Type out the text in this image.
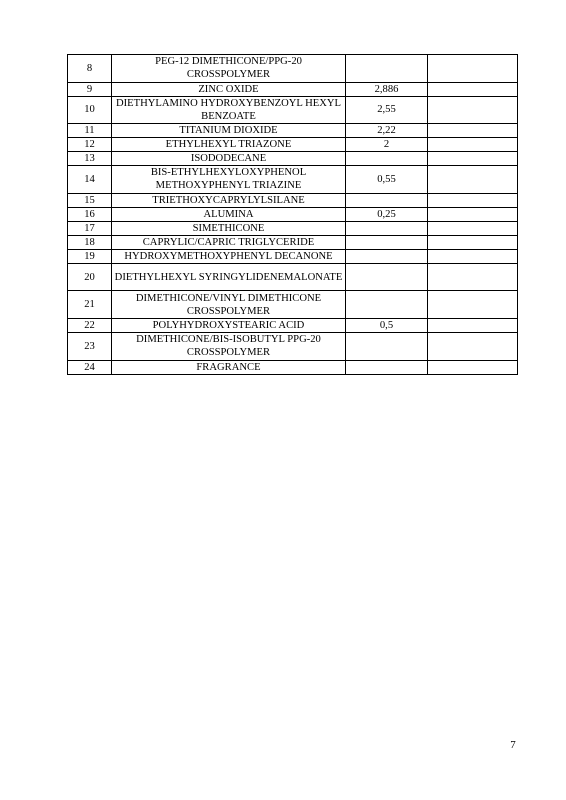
8	PEG-12 DIMETHICONE/PPG-20 CROSSPOLYMER		
9	ZINC OXIDE	2,886	
10	DIETHYLAMINO HYDROXYBENZOYL HEXYL BENZOATE	2,55	
11	TITANIUM DIOXIDE	2,22	
12	ETHYLHEXYL TRIAZONE	2	
13	ISODODECANE		
14	BIS-ETHYLHEXYLOXYPHENOL METHOXYPHENYL TRIAZINE	0,55	
15	TRIETHOXYCAPRYLYLSILANE		
16	ALUMINA	0,25	
17	SIMETHICONE		
18	CAPRYLIC/CAPRIC TRIGLYCERIDE		
19	HYDROXYMETHOXYPHENYL DECANONE		
20	DIETHYLHEXYL SYRINGYLIDENEMALONATE		
21	DIMETHICONE/VINYL DIMETHICONE CROSSPOLYMER		
22	POLYHYDROXYSTEARIC ACID	0,5	
23	DIMETHICONE/BIS-ISOBUTYL PPG-20 CROSSPOLYMER		
24	FRAGRANCE		
7
